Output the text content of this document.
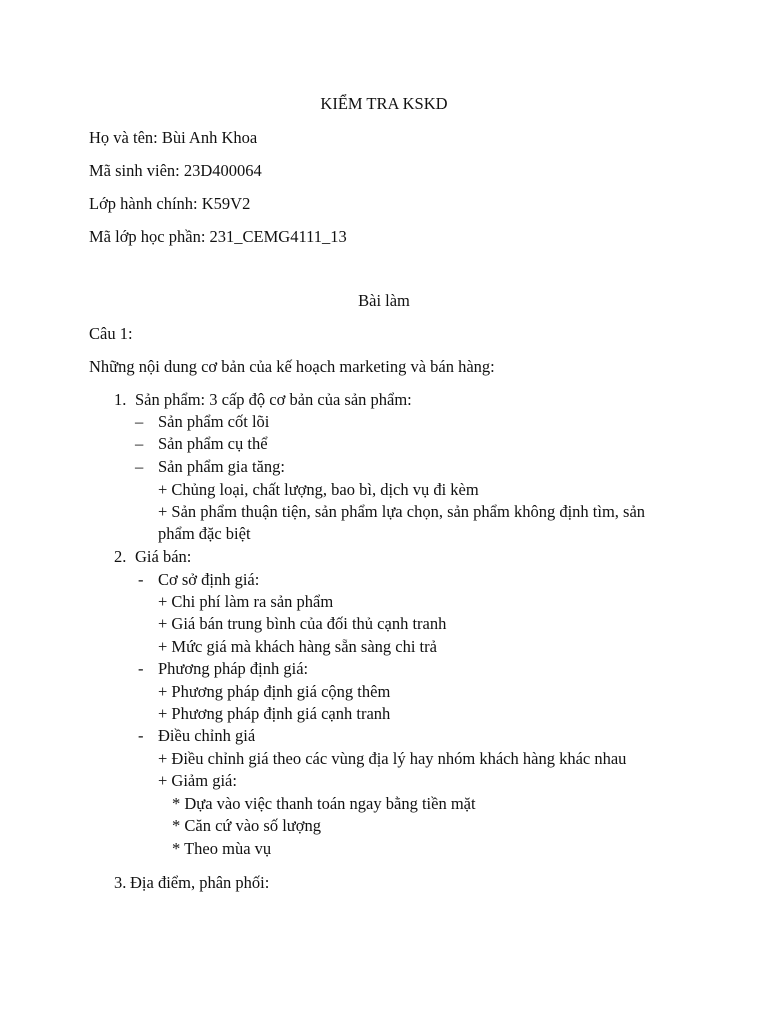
KIỂM TRA KSKD
Họ và tên: Bùi Anh Khoa
Mã sinh viên: 23D400064
Lớp hành chính: K59V2
Mã lớp học phần: 231_CEMG4111_13
Bài làm
Câu 1:
Những nội dung cơ bản của kế hoạch marketing và bán hàng:
1. Sản phẩm: 3 cấp độ cơ bản của sản phẩm:
– Sản phẩm cốt lõi
– Sản phẩm cụ thể
– Sản phẩm gia tăng:
+ Chủng loại, chất lượng, bao bì, dịch vụ đi kèm
+ Sản phẩm thuận tiện, sản phẩm lựa chọn, sản phẩm không định tìm, sản
phẩm đặc biệt
2. Giá bán:
- Cơ sở định giá:
+ Chi phí làm ra sản phẩm
+ Giá bán trung bình của đối thủ cạnh tranh
+ Mức giá mà khách hàng sẵn sàng chi trả
- Phương pháp định giá:
+ Phương pháp định giá cộng thêm
+ Phương pháp định giá cạnh tranh
- Điều chỉnh giá
+ Điều chỉnh giá theo các vùng địa lý hay nhóm khách hàng khác nhau
+ Giảm giá:
* Dựa vào việc thanh toán ngay bằng tiền mặt
* Căn cứ vào số lượng
* Theo mùa vụ
3. Địa điểm, phân phối:
